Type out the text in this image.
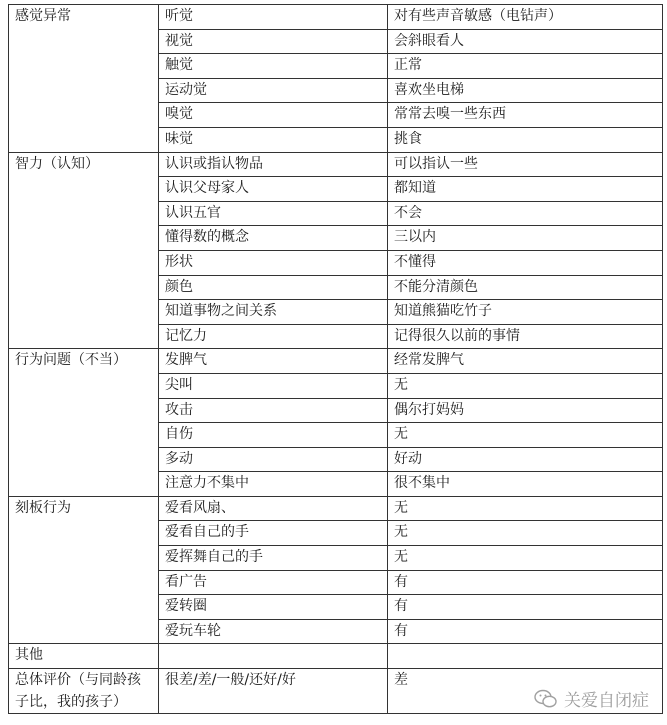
感觉异常	听觉	对有些声音敏感（电钻声）
	视觉	会斜眼看人
	触觉	正常
	运动觉	喜欢坐电梯
	嗅觉	常常去嗅一些东西
	味觉	挑食
智力（认知）	认识或指认物品	可以指认一些
	认识父母家人	都知道
	认识五官	不会
	懂得数的概念	三以内
	形状	不懂得
	颜色	不能分清颜色
	知道事物之间关系	知道熊猫吃竹子
	记忆力	记得很久以前的事情
行为问题（不当）	发脾气	经常发脾气
	尖叫	无
	攻击	偶尔打妈妈
	自伤	无
	多动	好动
	注意力不集中	很不集中
刻板行为	爱看风扇、	无
	爱看自己的手	无
	爱挥舞自己的手	无
	看广告	有
	爱转圈	有
	爱玩车轮	有
其他		
总体评价（与同龄孩子比，我的孩子）	很差/差/一般/还好/好	差
关爱自闭症
